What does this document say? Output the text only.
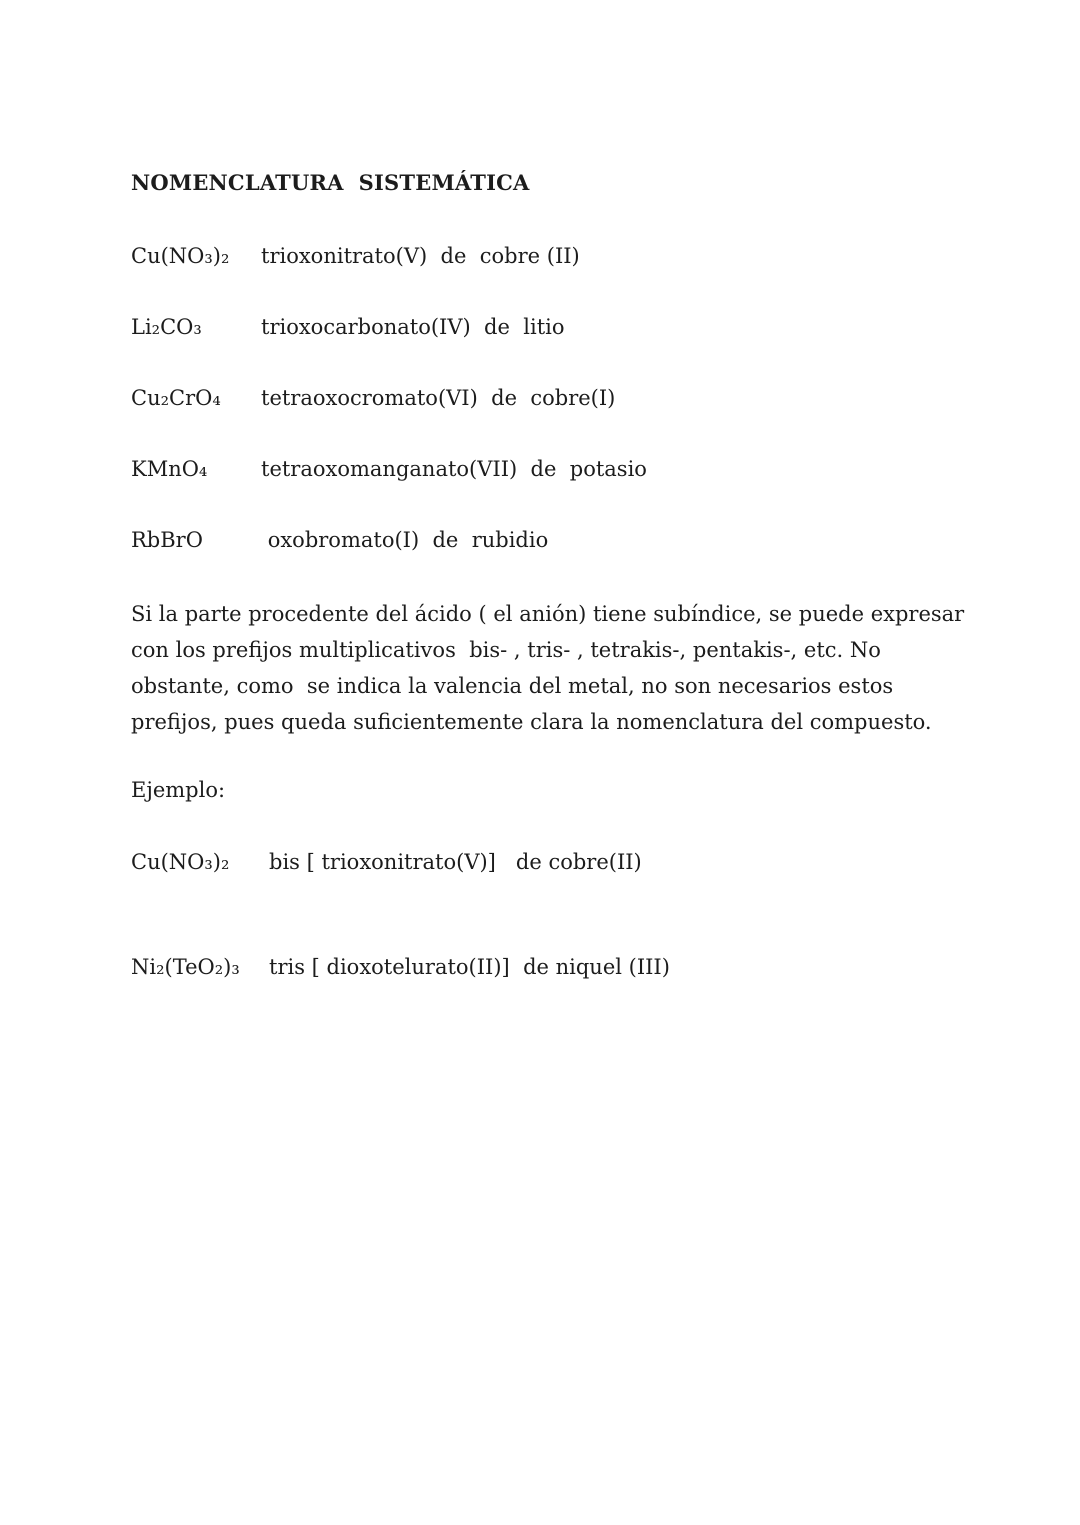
NOMENCLATURA  SISTEMÁTICA
Cu(NO₃)₂	trioxonitrato(V)  de  cobre (II)
Li₂CO₃	trioxocarbonato(IV)  de  litio
Cu₂CrO₄	tetraoxocromato(VI)  de  cobre(I)
KMnO₄	tetraoxomanganato(VII)  de  potasio
RbBrO	oxobromato(I)  de  rubidio

Si la parte procedente del ácido ( el anión) tiene subíndice, se puede expresar con los prefijos multiplicativos  bis- , tris- , tetrakis-, pentakis-, etc. No obstante, como  se indica la valencia del metal, no son necesarios estos prefijos, pues queda suficientemente clara la nomenclatura del compuesto.

Ejemplo:

Cu(NO₃)₂	bis [ trioxonitrato(V)]   de cobre(II)
Ni₂(TeO₂)₃	tris [ dioxotelurato(II)]  de niquel (III)
